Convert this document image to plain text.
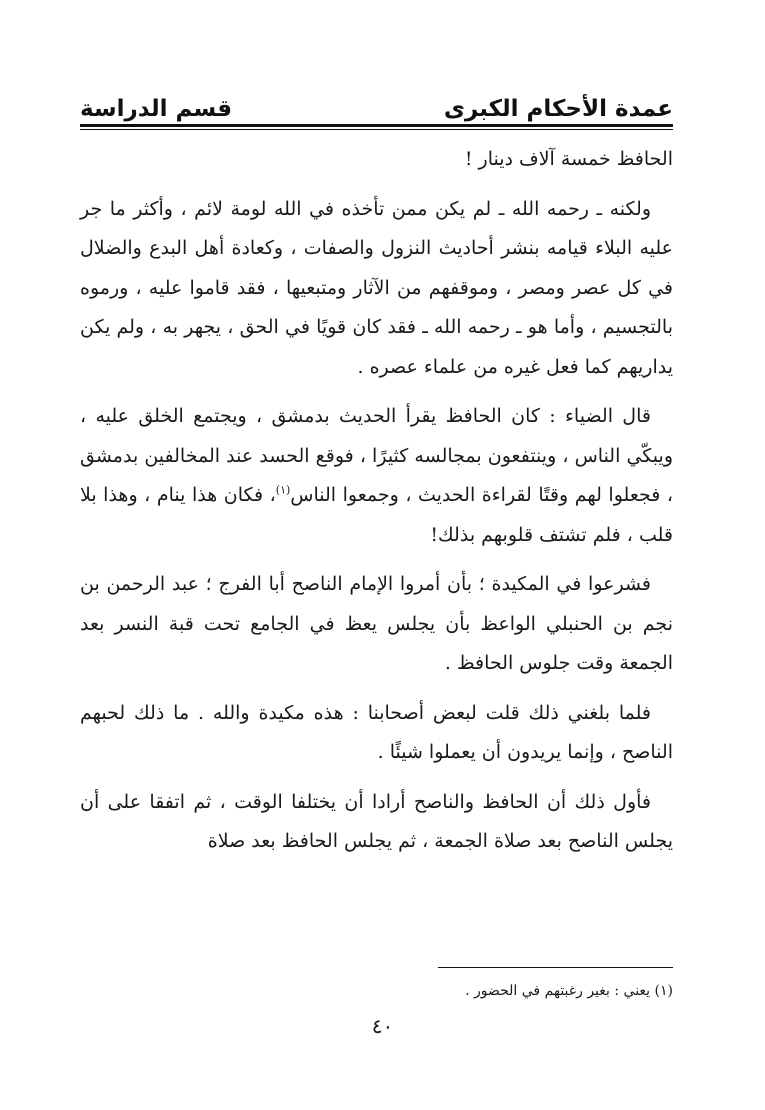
عمدة الأحكام الكبرى
قسم الدراسة

الحافظ خمسة آلاف دينار !

ولكنه ـ رحمه الله ـ لم يكن ممن تأخذه في الله لومة لائم ، وأكثر ما جر عليه البلاء قيامه بنشر أحاديث النزول والصفات ، وكعادة أهل البدع والضلال في كل عصر ومصر ، وموقفهم من الآثار ومتبعيها ، فقد قاموا عليه ، ورموه بالتجسيم ، وأما هو ـ رحمه الله ـ فقد كان قويًا في الحق ، يجهر به ، ولم يكن يداريهم كما فعل غيره من علماء عصره .

قال الضياء : كان الحافظ يقرأ الحديث بدمشق ، ويجتمع الخلق عليه ، ويبكّي الناس ، وينتفعون بمجالسه كثيرًا ، فوقع الحسد عند المخالفين بدمشق ، فجعلوا لهم وقتًا لقراءة الحديث ، وجمعوا الناس$^{(١)}$، فكان هذا ينام ، وهذا بلا قلب ، فلم تشتف قلوبهم بذلك!

فشرعوا في المكيدة ؛ بأن أمروا الإمام الناصح أبا الفرج ؛ عبد الرحمن بن نجم بن الحنبلي الواعظ بأن يجلس يعظ في الجامع تحت قبة النسر بعد الجمعة وقت جلوس الحافظ .

فلما بلغني ذلك قلت لبعض أصحابنا : هذه مكيدة والله . ما ذلك لحبهم الناصح ، وإنما يريدون أن يعملوا شيئًا .

فأول ذلك أن الحافظ والناصح أرادا أن يختلفا الوقت ، ثم اتفقا على أن يجلس الناصح بعد صلاة الجمعة ، ثم يجلس الحافظ بعد صلاة

(١) يعني : بغير رغبتهم في الحضور .
٤٠
